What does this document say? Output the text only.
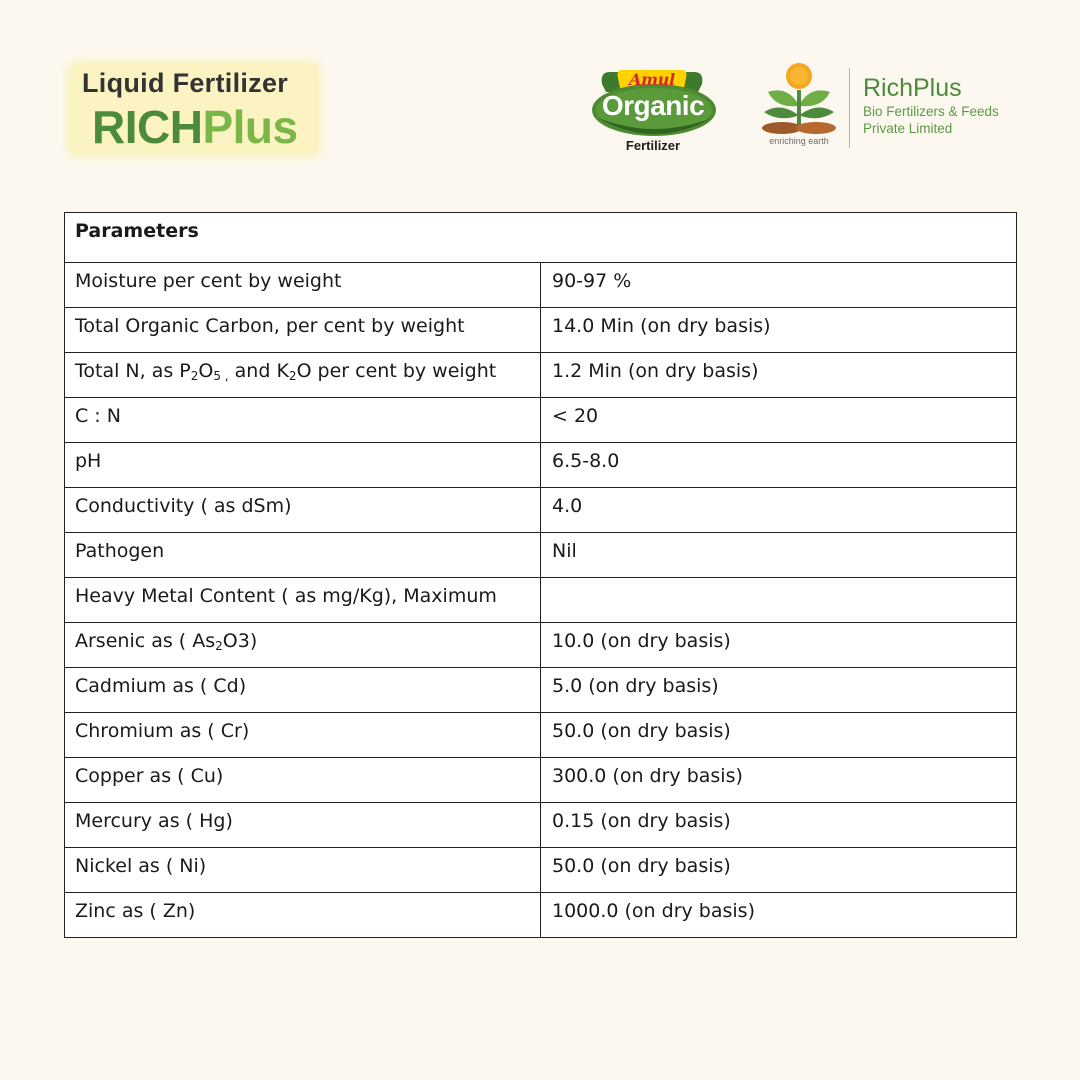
Liquid Fertilizer
RICHPlus
Amul
Organic
Fertilizer	enriching earth
RichPlus
Bio Fertilizers & Feeds
Private Limited
Parameters	
Moisture per cent by weight	90-97 %
Total Organic Carbon, per cent by weight	14.0 Min (on dry basis)
Total N, as $P_2O_{5 ,}$ and $K_2O$ per cent by weight	1.2 Min (on dry basis)
C : N	< 20
pH	6.5-8.0
Conductivity ( as dSm)	4.0
Pathogen	Nil
Heavy Metal Content ( as mg/Kg), Maximum	
Arsenic as ( $As_2O3$)	10.0 (on dry basis)
Cadmium as ( Cd)	5.0 (on dry basis)
Chromium as ( Cr)	50.0 (on dry basis)
Copper as ( Cu)	300.0 (on dry basis)
Mercury as ( Hg)	0.15 (on dry basis)
Nickel as ( Ni)	50.0 (on dry basis)
Zinc as ( Zn)	1000.0 (on dry basis)
